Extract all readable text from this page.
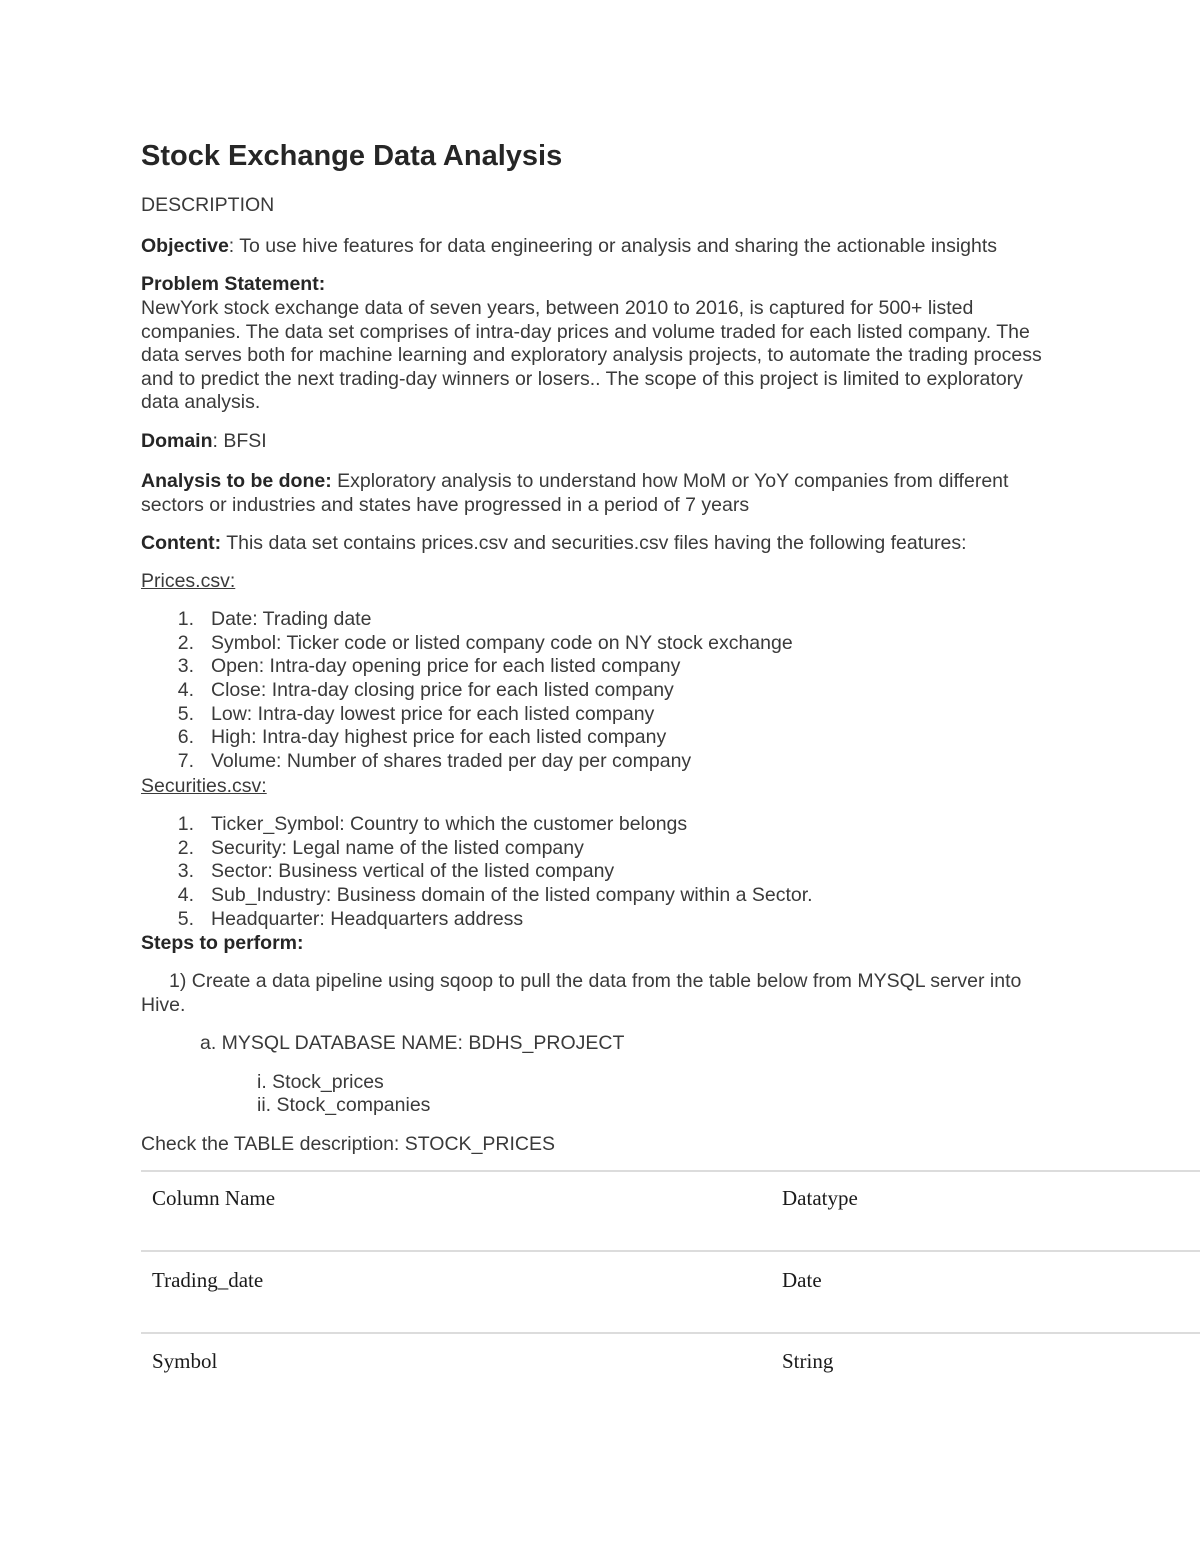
Stock Exchange Data Analysis
DESCRIPTION
Objective: To use hive features for data engineering or analysis and sharing the actionable insights
Problem Statement:
NewYork stock exchange data of seven years, between 2010 to 2016, is captured for 500+ listed companies. The data set comprises of intra-day prices and volume traded for each listed company. The data serves both for machine learning and exploratory analysis projects, to automate the trading process and to predict the next trading-day winners or losers.. The scope of this project is limited to exploratory data analysis.
Domain: BFSI
Analysis to be done: Exploratory analysis to understand how MoM or YoY companies from different sectors or industries and states have progressed in a period of 7 years
Content: This data set contains prices.csv and securities.csv files having the following features:
Prices.csv:
1. Date: Trading date
2. Symbol: Ticker code or listed company code on NY stock exchange
3. Open: Intra-day opening price for each listed company
4. Close: Intra-day closing price for each listed company
5. Low: Intra-day lowest price for each listed company
6. High: Intra-day highest price for each listed company
7. Volume: Number of shares traded per day per company
Securities.csv:
1. Ticker_Symbol: Country to which the customer belongs
2. Security: Legal name of the listed company
3. Sector: Business vertical of the listed company
4. Sub_Industry: Business domain of the listed company within a Sector.
5. Headquarter: Headquarters address
Steps to perform:
1) Create a data pipeline using sqoop to pull the data from the table below from MYSQL server into Hive.
a. MYSQL DATABASE NAME: BDHS_PROJECT
i. Stock_prices
ii. Stock_companies
Check the TABLE description: STOCK_PRICES
Column Name	Datatype
Trading_date	Date
Symbol	String
